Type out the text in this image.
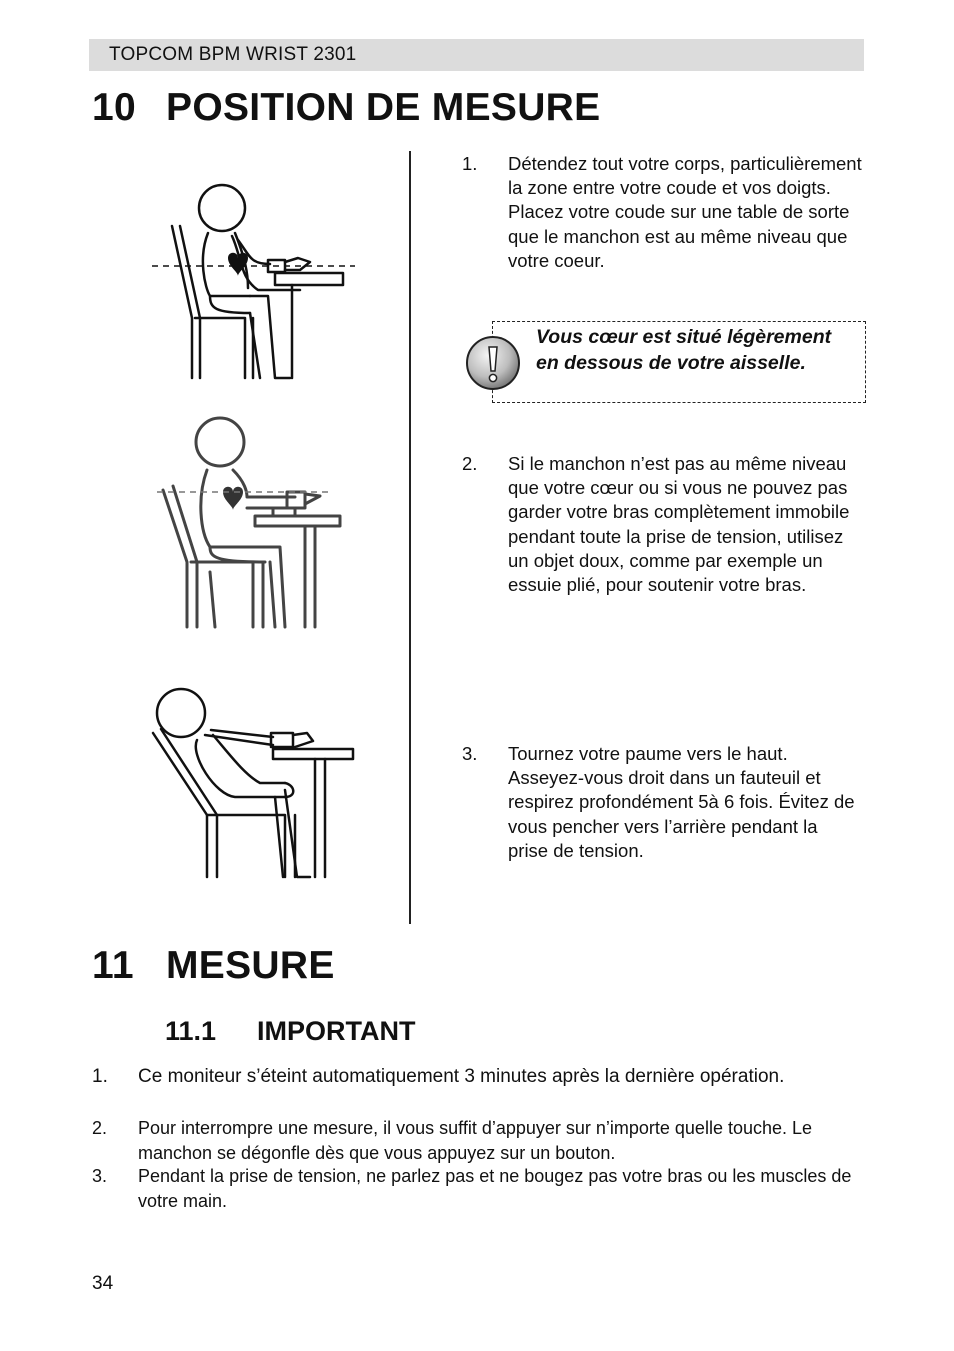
TOPCOM BPM WRIST 2301
10 POSITION DE MESURE
1. Détendez tout votre corps, particulièrement la zone entre votre coude et vos doigts. Placez votre coude sur une table de sorte que le manchon est au même niveau que votre coeur.
Vous cœur est situé légèrement en dessous de votre aisselle.
2. Si le manchon n’est pas au même niveau que votre cœur ou si vous ne pouvez pas garder votre bras complètement immobile pendant toute la prise de tension, utilisez un objet doux, comme par exemple un essuie plié, pour soutenir votre bras.
3. Tournez votre paume vers le haut. Asseyez-vous droit dans un fauteuil et respirez profondément 5à 6 fois. Évitez de vous pencher vers l’arrière pendant la prise de tension.
11 MESURE
11.1 IMPORTANT
1. Ce moniteur s’éteint automatiquement 3 minutes après la dernière opération.
2. Pour interrompre une mesure, il vous suffit d’appuyer sur n’importe quelle touche. Le manchon se dégonfle dès que vous appuyez sur un bouton.
3. Pendant la prise de tension, ne parlez pas et ne bougez pas votre bras ou les muscles de votre main.
34
